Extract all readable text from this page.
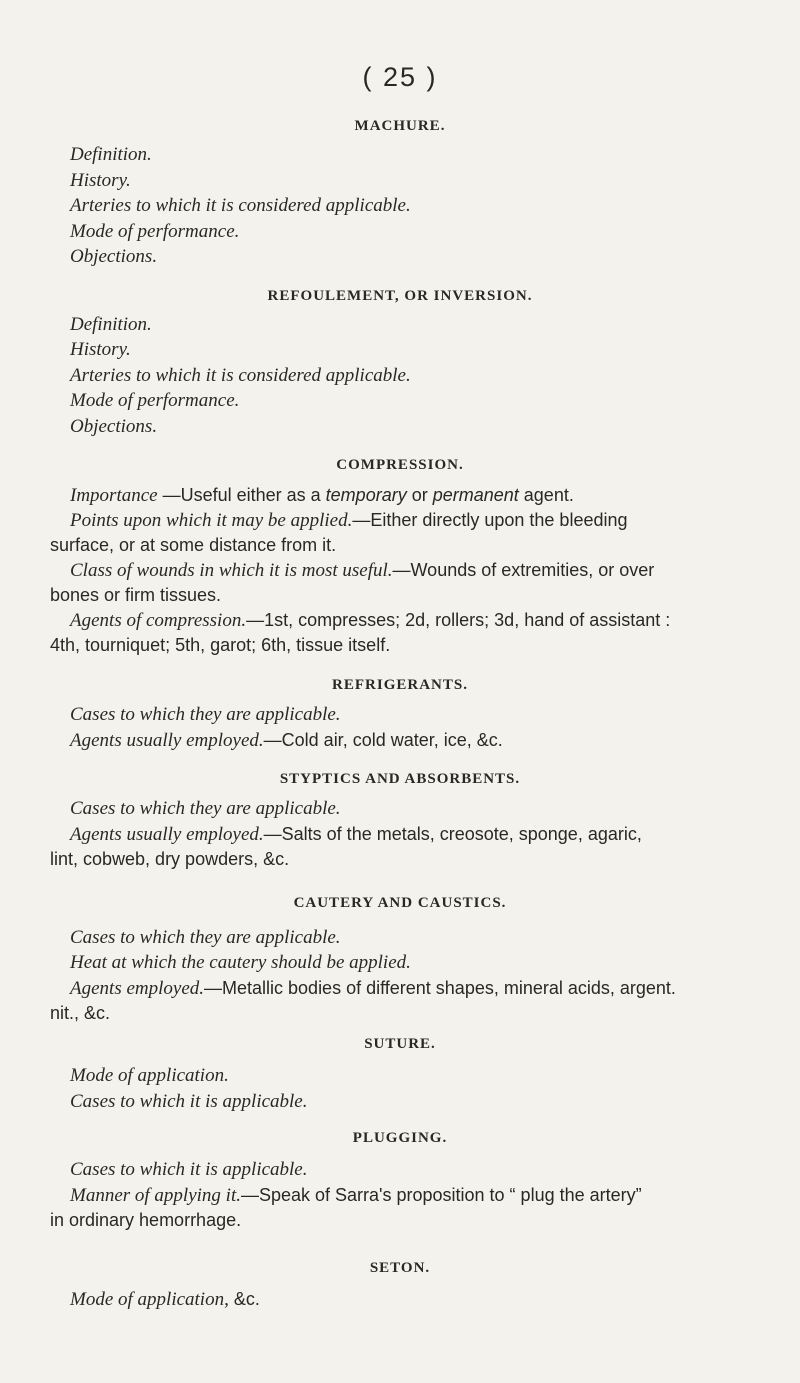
( 25 )
MACHURE.
Definition.
History.
Arteries to which it is considered applicable.
Mode of performance.
Objections.
REFOULEMENT, OR INVERSION.
Definition.
History.
Arteries to which it is considered applicable.
Mode of performance.
Objections.
COMPRESSION.
Importance —Useful either as a temporary or permanent agent.
Points upon which it may be applied.—Either directly upon the bleeding
surface, or at some distance from it.
Class of wounds in which it is most useful.—Wounds of extremities, or over
bones or firm tissues.
Agents of compression.—1st, compresses; 2d, rollers; 3d, hand of assistant :
4th, tourniquet; 5th, garot; 6th, tissue itself.
REFRIGERANTS.
Cases to which they are applicable.
Agents usually employed.—Cold air, cold water, ice, &c.
STYPTICS AND ABSORBENTS.
Cases to which they are applicable.
Agents usually employed.—Salts of the metals, creosote, sponge, agaric,
lint, cobweb, dry powders, &c.
CAUTERY AND CAUSTICS.
Cases to which they are applicable.
Heat at which the cautery should be applied.
Agents employed.—Metallic bodies of different shapes, mineral acids, argent.
nit., &c.
SUTURE.
Mode of application.
Cases to which it is applicable.
PLUGGING.
Cases to which it is applicable.
Manner of applying it.—Speak of Sarra's proposition to “ plug the artery”
in ordinary hemorrhage.
SETON.
Mode of application, &c.
